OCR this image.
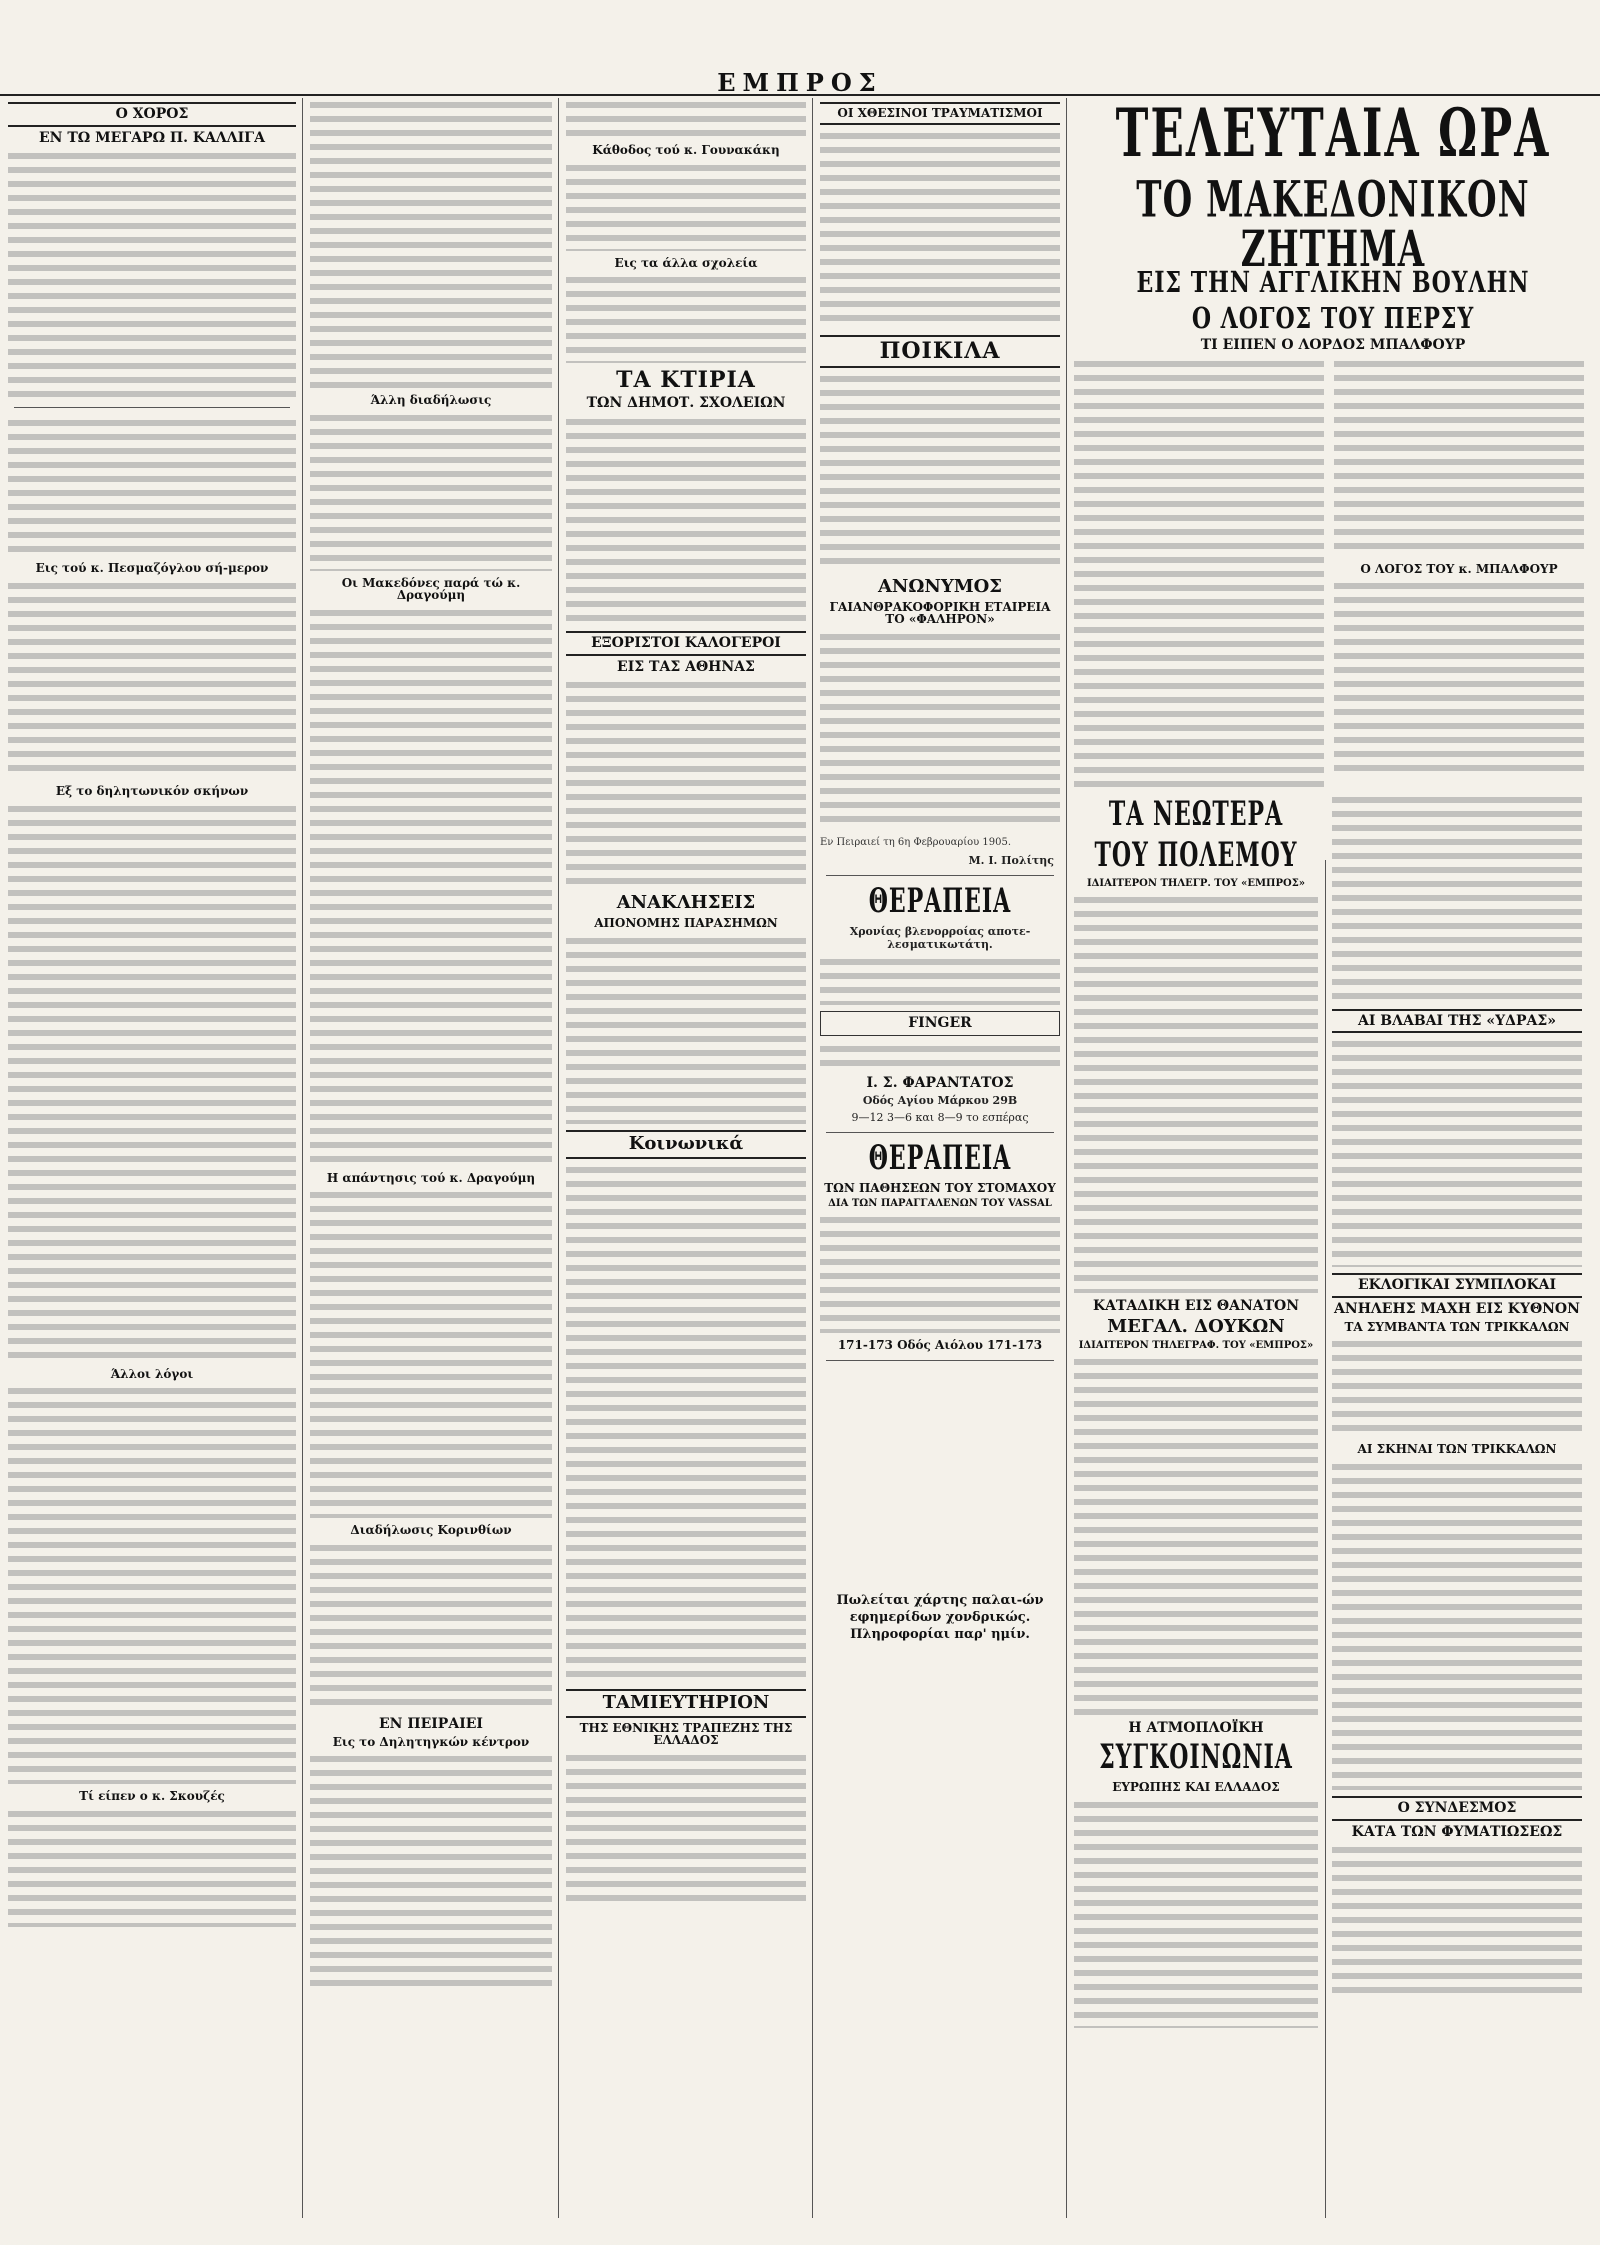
ΕΜΠΡΟΣ
Ο ΧΟΡΟΣ
ΕΝ ΤΩ ΜΕΓΑΡΩ Π. ΚΑΛΛΙΓΑ
Εις τού κ. Πεσμαζόγλου σή-μερον
Εξ το δηλητωνικόν σκήνων
Άλλοι λόγοι
Τί είπεν ο κ. Σκουζές
Άλλη διαδήλωσις
Οι Μακεδόνες παρά τώ κ. Δραγούμη
Η απάντησις τού κ. Δραγούμη
Διαδήλωσις Κορινθίων
ΕΝ ΠΕΙΡΑΙΕΙ
Εις το Δηλητηγκών κέντρον
Κάθοδος τού κ. Γουνακάκη
Εις τα άλλα σχολεία
ΤΑ ΚΤΙΡΙΑ
ΤΩΝ ΔΗΜΟΤ. ΣΧΟΛΕΙΩΝ
ΕΞΟΡΙΣΤΟΙ ΚΑΛΟΓΕΡΟΙ
ΕΙΣ ΤΑΣ ΑΘΗΝΑΣ
ΑΝΑΚΛΗΣΕΙΣ
ΑΠΟΝΟΜΗΣ ΠΑΡΑΣΗΜΩΝ
Κοινωνικά
ΤΑΜΙΕΥΤΗΡΙΟΝ
ΤΗΣ ΕΘΝΙΚΗΣ ΤΡΑΠΕΖΗΣ ΤΗΣ ΕΛΛΑΔΟΣ
ΟΙ ΧΘΕΣΙΝΟΙ ΤΡΑΥΜΑΤΙΣΜΟΙ
ΠΟΙΚΙΛΑ
ΑΝΩΝΥΜΟΣ
ΓΑΙΑΝΘΡΑΚΟΦΟΡΙΚΗ ΕΤΑΙΡΕΙΑ ΤΟ «ΦΑΛΗΡΟΝ»
Εν Πειραιεί τη 6η Φεβρουαρίου 1905.
Μ. Ι. Πολίτης
ΘΕΡΑΠΕΙΑ
Χρονίας βλενορροίας αποτε-λεσματικωτάτη.
FINGER
Ι. Σ. ΦΑΡΑΝΤΑΤΟΣ
Οδός Αγίου Μάρκου 29Β
9—12 3—6 και 8—9 το εσπέρας
ΘΕΡΑΠΕΙΑ
ΤΩΝ ΠΑΘΗΣΕΩΝ ΤΟΥ ΣΤΟΜΑΧΟΥ
ΔΙΑ ΤΩΝ ΠΑΡΑΓΓΑΛΕΝΩΝ ΤΟΥ VASSAL
171-173 Οδός Αιόλου 171-173
Πωλείται χάρτης παλαι-ών εφημερίδων χονδρικώς. Πληροφορίαι παρ' ημίν.
ΤΕΛΕΥΤΑΙΑ ΩΡΑ
ΤΟ ΜΑΚΕΔΟΝΙΚΟΝ ΖΗΤΗΜΑ
ΕΙΣ ΤΗΝ ΑΓΓΛΙΚΗΝ ΒΟΥΛΗΝ
Ο ΛΟΓΟΣ ΤΟΥ ΠΕΡΣΥ
ΤΙ ΕΙΠΕΝ Ο ΛΟΡΔΟΣ ΜΠΑΛΦΟΥΡ
Ο ΛΟΓΟΣ ΤΟΥ κ. ΜΠΑΛΦΟΥΡ
ΤΑ ΝΕΩΤΕΡΑ
ΤΟΥ ΠΟΛΕΜΟΥ
ΙΔΙΑΙΤΕΡΟΝ ΤΗΛΕΓΡ. ΤΟΥ «ΕΜΠΡΟΣ»
ΚΑΤΑΔΙΚΗ ΕΙΣ ΘΑΝΑΤΟΝ
ΜΕΓΑΛ. ΔΟΥΚΩΝ
ΙΔΙΑΙΤΕΡΟΝ ΤΗΛΕΓΡΑΦ. ΤΟΥ «ΕΜΠΡΟΣ»
Η ΑΤΜΟΠΛΟΪΚΗ
ΣΥΓΚΟΙΝΩΝΙΑ
ΕΥΡΩΠΗΣ ΚΑΙ ΕΛΛΑΔΟΣ
ΑΙ ΒΛΑΒΑΙ ΤΗΣ «ΥΔΡΑΣ»
ΕΚΛΟΓΙΚΑΙ ΣΥΜΠΛΟΚΑΙ
ΑΝΗΛΕΗΣ ΜΑΧΗ ΕΙΣ ΚΥΘΝΟΝ
ΤΑ ΣΥΜΒΑΝΤΑ ΤΩΝ ΤΡΙΚΚΑΛΩΝ
ΑΙ ΣΚΗΝΑΙ ΤΩΝ ΤΡΙΚΚΑΛΩΝ
Ο ΣΥΝΔΕΣΜΟΣ
ΚΑΤΑ ΤΩΝ ΦΥΜΑΤΙΩΣΕΩΣ
